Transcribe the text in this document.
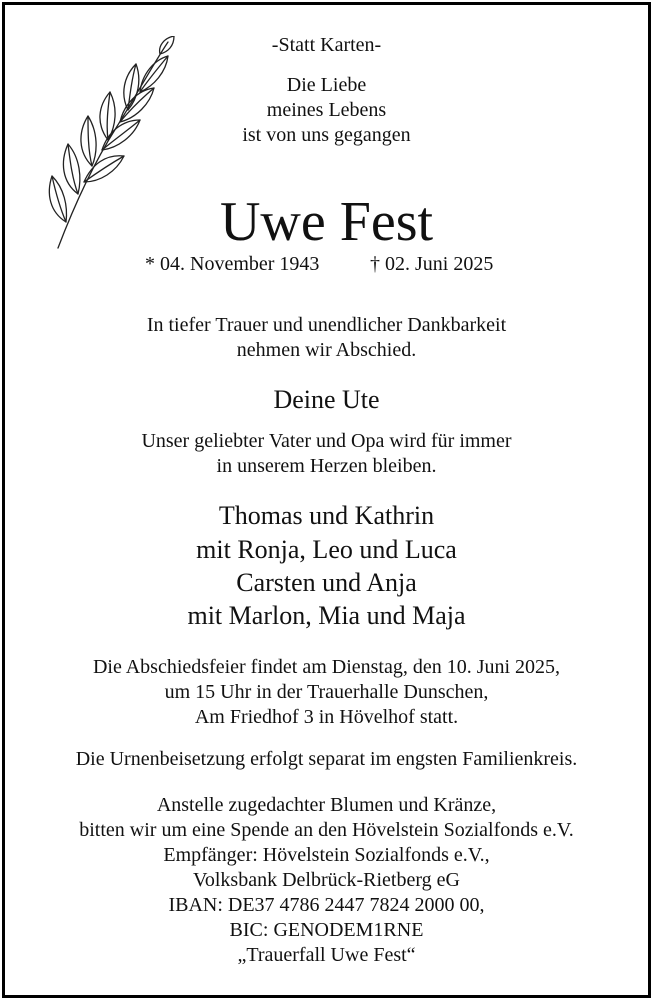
-Statt Karten-
Die Liebe
meines Lebens
ist von uns gegangen
Uwe Fest
* 04. November 1943	† 02. Juni 2025
In tiefer Trauer und unendlicher Dankbarkeit
nehmen wir Abschied.
Deine Ute
Unser geliebter Vater und Opa wird für immer
in unserem Herzen bleiben.
Thomas und Kathrin
mit Ronja, Leo und Luca
Carsten und Anja
mit Marlon, Mia und Maja
Die Abschiedsfeier findet am Dienstag, den 10. Juni 2025,
um 15 Uhr in der Trauerhalle Dunschen,
Am Friedhof 3 in Hövelhof statt.
Die Urnenbeisetzung erfolgt separat im engsten Familienkreis.
Anstelle zugedachter Blumen und Kränze,
bitten wir um eine Spende an den Hövelstein Sozialfonds e.V.
Empfänger: Hövelstein Sozialfonds e.V.,
Volksbank Delbrück-Rietberg eG
IBAN: DE37 4786 2447 7824 2000 00,
BIC: GENODEM1RNE
„Trauerfall Uwe Fest“
